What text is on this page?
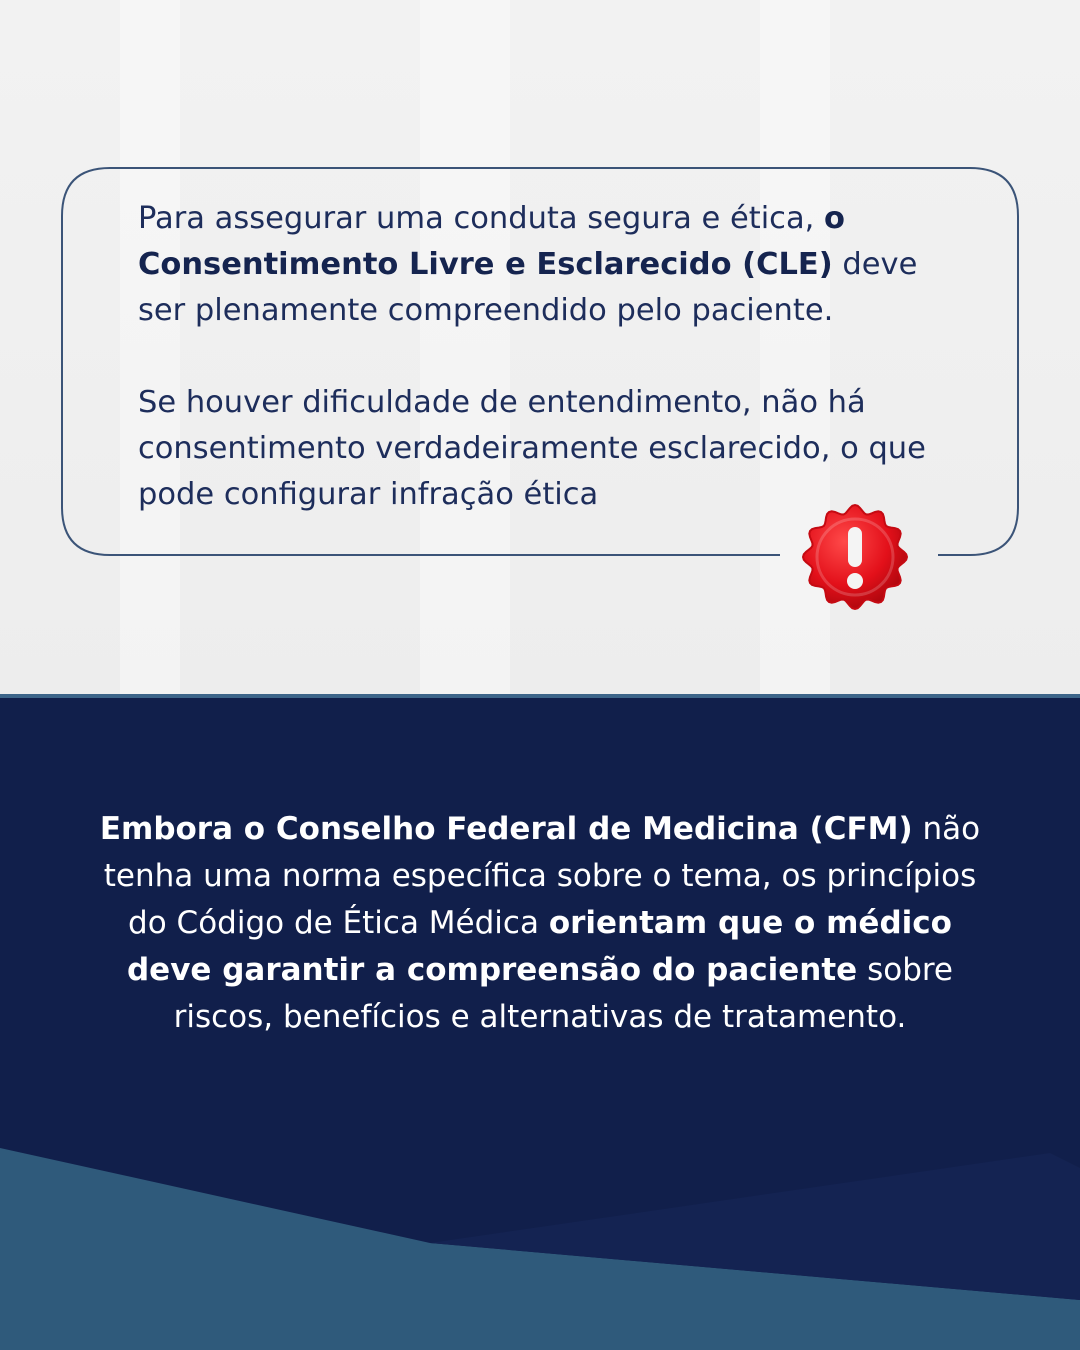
Para assegurar uma conduta segura e ética, o Consentimento Livre e Esclarecido (CLE) deve ser plenamente compreendido pelo paciente.

Se houver dificuldade de entendimento, não há consentimento verdadeiramente esclarecido, o que pode configurar infração ética

Embora o Conselho Federal de Medicina (CFM) não tenha uma norma específica sobre o tema, os princípios do Código de Ética Médica orientam que o médico deve garantir a compreensão do paciente sobre riscos, benefícios e alternativas de tratamento.
